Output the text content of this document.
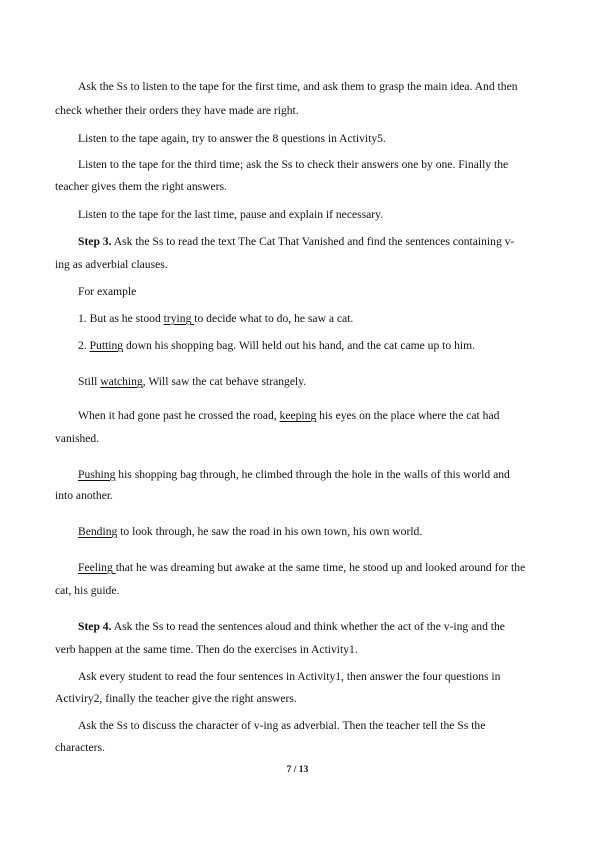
Ask the Ss to listen to the tape for the first time, and ask them to grasp the main idea. And then
check whether their orders they have made are right.
Listen to the tape again, try to answer the 8 questions in Activity5.
Listen to the tape for the third time; ask the Ss to check their answers one by one. Finally the
teacher gives them the right answers.
Listen to the tape for the last time, pause and explain if necessary.
Step 3. Ask the Ss to read the text The Cat That Vanished and find the sentences containing v-
ing as adverbial clauses.
For example
1. But as he stood trying to decide what to do, he saw a cat.
2. Putting down his shopping bag. Will held out his hand, and the cat came up to him.
Still watching, Will saw the cat behave strangely.
When it had gone past he crossed the road, keeping his eyes on the place where the cat had
vanished.
Pushing his shopping bag through, he climbed through the hole in the walls of this world and
into another.
Bending to look through, he saw the road in his own town, his own world.
Feeling that he was dreaming but awake at the same time, he stood up and looked around for the
cat, his guide.
Step 4. Ask the Ss to read the sentences aloud and think whether the act of the v-ing and the
verb happen at the same time. Then do the exercises in Activity1.
Ask every student to read the four sentences in Activity1, then answer the four questions in
Activiry2, finally the teacher give the right answers.
Ask the Ss to discuss the character of v-ing as adverbial. Then the teacher tell the Ss the
characters.
7 / 13
